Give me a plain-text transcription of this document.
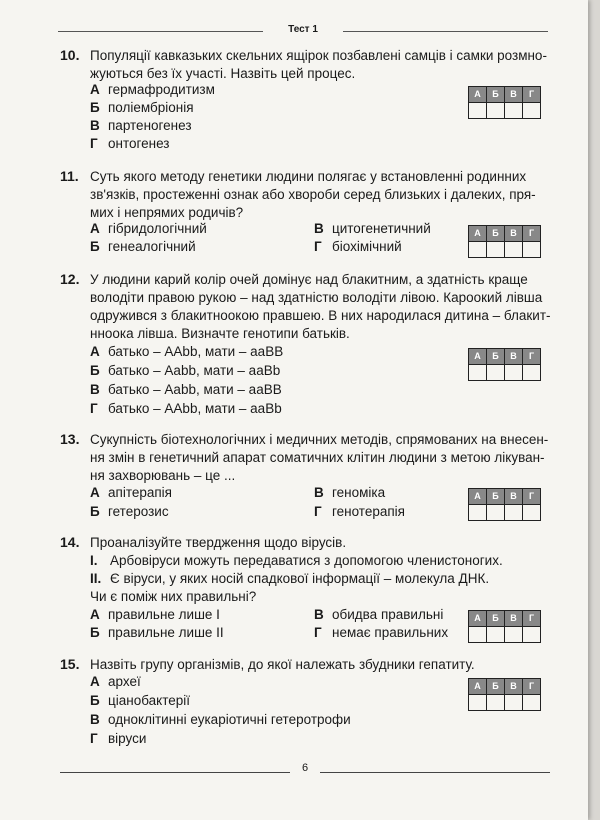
Тест 1
10. Популяції кавказьких скельних ящірок позбавлені самців і самки розмно-

жуються без їх участі. Назвіть цей процес.

А гермафродитизм
Б поліембріонія
В партеногенез
Г онтогенез
А	Б	В	Г

11. Суть якого методу генетики людини полягає у встановленні родинних

зв'язків, простеженні ознак або хвороби серед близьких і далеких, пря-

мих і непрямих родичів?

А гібридологічний
Б генеалогічний
В цитогенетичний
Г біохімічний
А	Б	В	Г

12. У людини карий колір очей домінує над блакитним, а здатність краще

володіти правою рукою – над здатністю володіти лівою. Кароокий лівша

одружився з блакитноокою правшею. В них народилася дитина – блакит-

нноока лівша. Визначте генотипи батьків.

А батько – AAbb, мати – aaBB
Б батько – Aabb, мати – aaBb
В батько – Aabb, мати – aaBB
Г батько – AAbb, мати – aaBb
А	Б	В	Г

13. Сукупність біотехнологічних і медичних методів, спрямованих на внесен-

ня змін в генетичний апарат соматичних клітин людини з метою лікуван-

ня захворювань – це ...

А апітерапія
Б гетерозис
В геноміка
Г генотерапія
А	Б	В	Г

14. Проаналізуйте твердження щодо вірусів.

I. Арбовіруси можуть передаватися з допомогою членистоногих.
II. Є віруси, у яких носій спадкової інформації – молекула ДНК.
Чи є поміж них правильні?
А правильне лише I
Б правильне лише II
В обидва правильні
Г немає правильних
А	Б	В	Г

15. Назвіть групу організмів, до якої належать збудники гепатиту.

А археї
Б ціанобактерії
В одноклітинні еукаріотичні гетеротрофи
Г віруси
А	Б	В	Г

6
